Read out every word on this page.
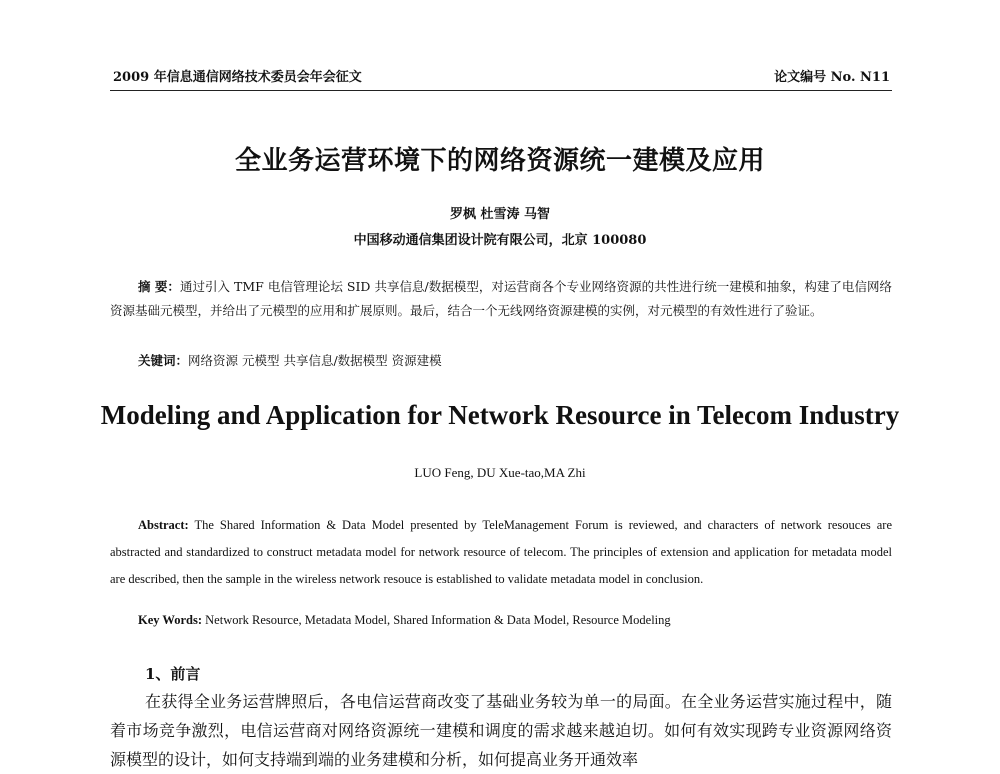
2009 年信息通信网络技术委员会年会征文	论文编号 No. N11
全业务运营环境下的网络资源统一建模及应用
罗枫 杜雪涛 马智
中国移动通信集团设计院有限公司，北京 100080
摘 要：通过引入 TMF 电信管理论坛 SID 共享信息/数据模型，对运营商各个专业网络资源的共性进行统一建模和抽象，构建了电信网络资源基础元模型，并给出了元模型的应用和扩展原则。最后，结合一个无线网络资源建模的实例，对元模型的有效性进行了验证。
关键词：网络资源 元模型 共享信息/数据模型 资源建模
Modeling and Application for Network Resource in Telecom Industry
LUO Feng, DU Xue-tao,MA Zhi
Abstract: The Shared Information & Data Model presented by TeleManagement Forum is reviewed, and characters of network resouces are abstracted and standardized to construct metadata model for network resource of telecom. The principles of extension and application for metadata model are described, then the sample in the wireless network resouce is established to validate metadata model in conclusion.
Key Words: Network Resource, Metadata Model, Shared Information & Data Model, Resource Modeling
1、前言
在获得全业务运营牌照后，各电信运营商改变了基础业务较为单一的局面。在全业务运营实施过程中，随着市场竞争激烈，电信运营商对网络资源统一建模和调度的需求越来越迫切。如何有效实现跨专业资源网络资源模型的设计，如何支持端到端的业务建模和分析，如何提高业务开通效率
